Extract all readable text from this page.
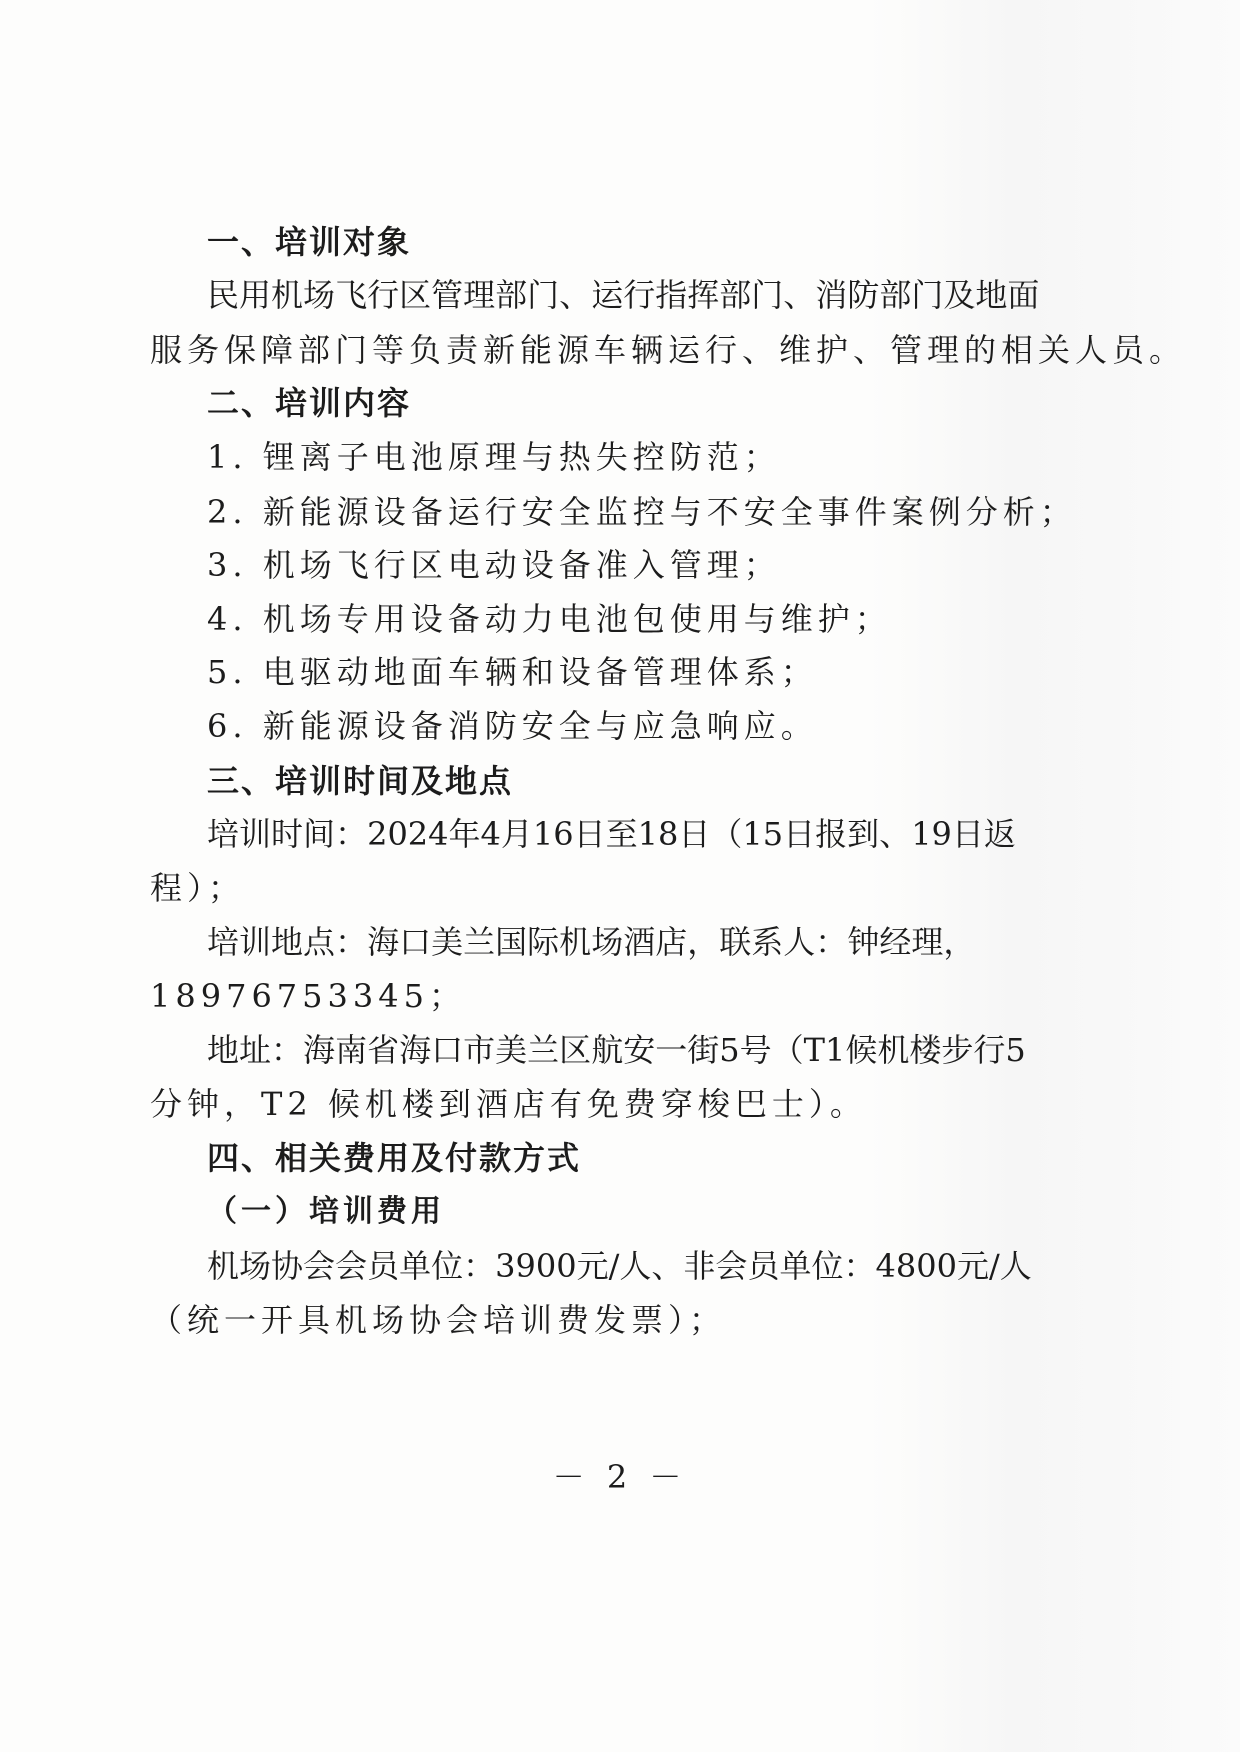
一、培训对象
民 用 机 场 飞 行 区 管 理 部 门 、 运 行 指 挥 部 门 、 消 防 部 门 及 地 面
服务保障部门等负责新能源车辆运行、维护、管理的相关人员。
二、培训内容
1. 锂离子电池原理与热失控防范；
2. 新能源设备运行安全监控与不安全事件案例分析；
3. 机场飞行区电动设备准入管理；
4. 机场专用设备动力电池包使用与维护；
5. 电驱动地面车辆和设备管理体系；
6. 新能源设备消防安全与应急响应。
三、培训时间及地点
培 训 时 间 ： 2024 年 4 月 16 日 至 18 日 （ 15 日 报 到 、 19 日 返
程）；
培 训 地 点 ： 海 口 美 兰 国 际 机 场 酒 店 ， 联 系 人 ： 钟 经 理 ，
18976753345；
地 址 ： 海 南 省 海 口 市 美 兰 区 航 安 一 街 5 号 （ T1 候 机 楼 步 行 5
分钟，T2 候机楼到酒店有免费穿梭巴士）。
四、相关费用及付款方式
（一）培训费用
机 场 协 会 会 员 单 位 ： 3900 元 / 人 、 非 会 员 单 位 ： 4800 元 / 人
（统一开具机场协会培训费发票）；
－ 2 －
